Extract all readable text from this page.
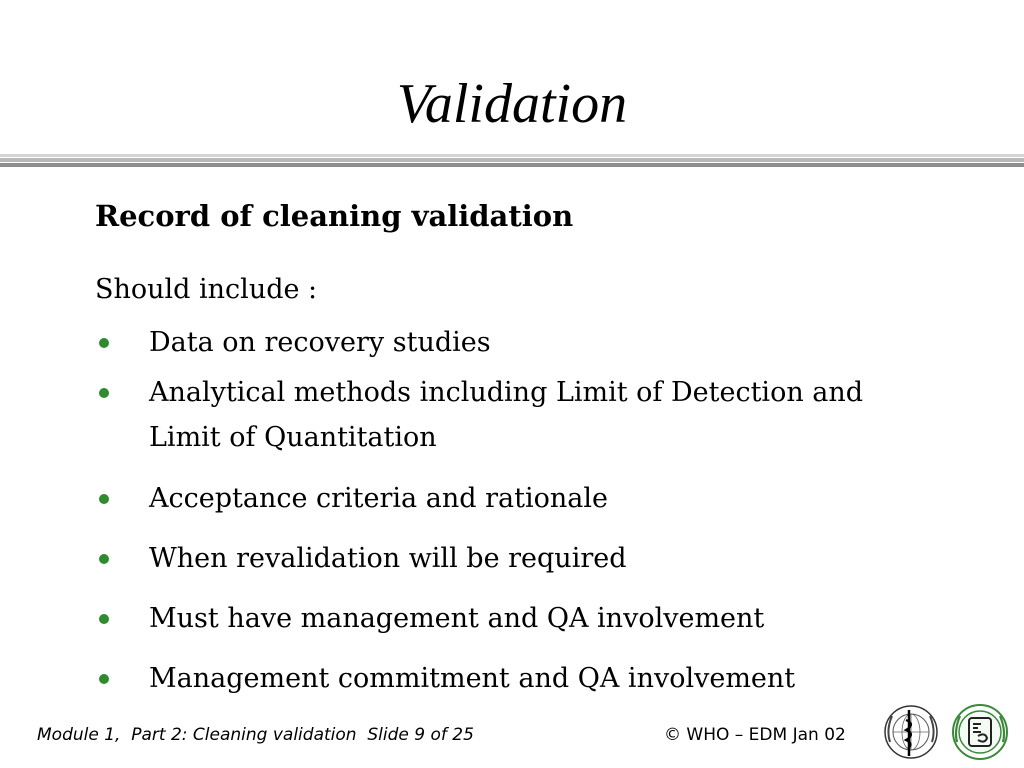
Validation
Record of cleaning validation
Should include :
Data on recovery studies
Analytical methods including Limit of Detection and Limit of Quantitation
Acceptance criteria and rationale
When revalidation will be required
Must have management and QA involvement
Management commitment and QA involvement
Module 1,  Part 2: Cleaning validation  Slide 9 of 25	© WHO – EDM Jan 02
